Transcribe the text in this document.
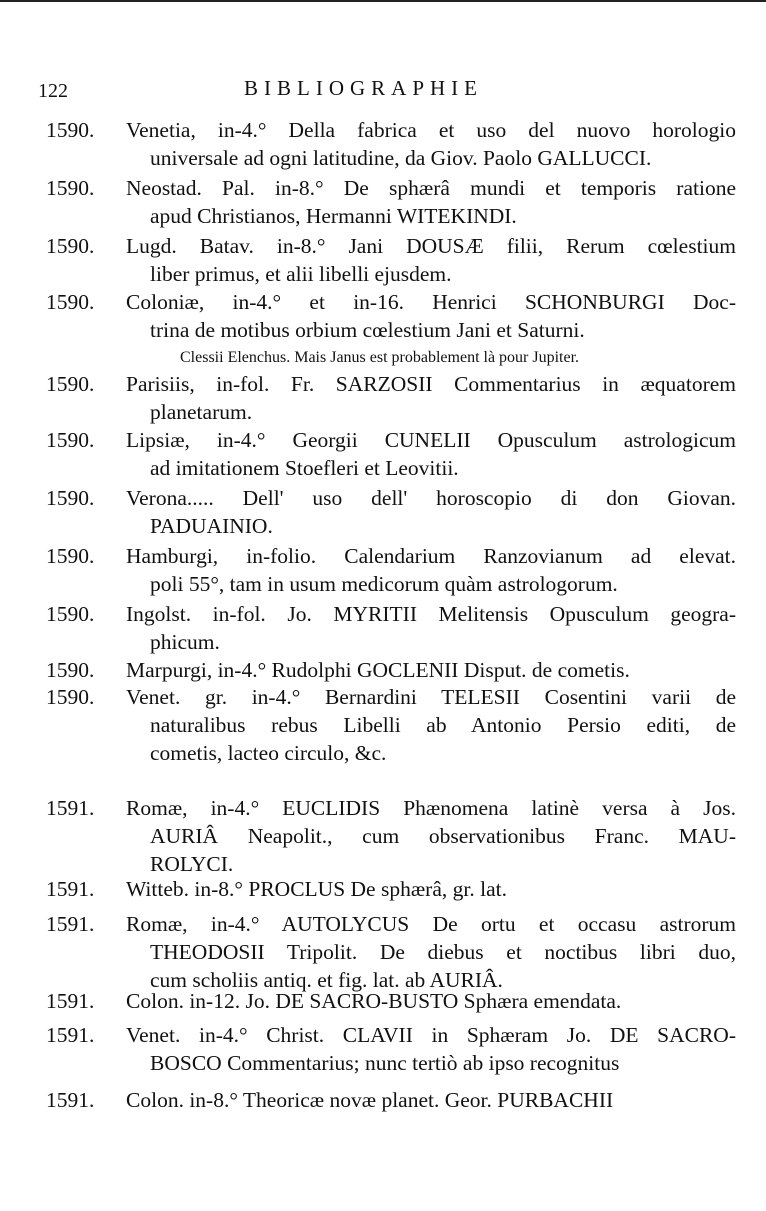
122	BIBLIOGRAPHIE
1590.	Venetia, in-4.° Della fabrica et uso del nuovo horologio
universale ad ogni latitudine, da Giov. Paolo GALLUCCI.
1590.	Neostad. Pal. in-8.° De sphærâ mundi et temporis ratione
apud Christianos, Hermanni WITEKINDI.
1590.	Lugd. Batav. in-8.° Jani DOUSÆ filii, Rerum cœlestium
liber primus, et alii libelli ejusdem.
1590.	Coloniæ, in-4.° et in-16. Henrici SCHONBURGI Doc-
trina de motibus orbium cœlestium Jani et Saturni.
Clessii Elenchus. Mais Janus est probablement là pour Jupiter.
1590.	Parisiis, in-fol. Fr. SARZOSII Commentarius in æquatorem
planetarum.
1590.	Lipsiæ, in-4.° Georgii CUNELII Opusculum astrologicum
ad imitationem Stoefleri et Leovitii.
1590.	Verona..... Dell' uso dell' horoscopio di don Giovan.
PADUAINIO.
1590.	Hamburgi, in-folio. Calendarium Ranzovianum ad elevat.
poli 55°, tam in usum medicorum quàm astrologorum.
1590.	Ingolst. in-fol. Jo. MYRITII Melitensis Opusculum geogra-
phicum.
1590.	Marpurgi, in-4.° Rudolphi GOCLENII Disput. de cometis.
1590.	Venet. gr. in-4.° Bernardini TELESII Cosentini varii de
naturalibus rebus Libelli ab Antonio Persio editi, de
cometis, lacteo circulo, &c.
1591.	Romæ, in-4.° EUCLIDIS Phænomena latinè versa à Jos.
AURIÂ Neapolit., cum observationibus Franc. MAU-
ROLYCI.
1591.	Witteb. in-8.° PROCLUS De sphærâ, gr. lat.
1591.	Romæ, in-4.° AUTOLYCUS De ortu et occasu astrorum
THEODOSII Tripolit. De diebus et noctibus libri duo,
cum scholiis antiq. et fig. lat. ab AURIÂ.
1591.	Colon. in-12. Jo. DE SACRO-BUSTO Sphæra emendata.
1591.	Venet. in-4.° Christ. CLAVII in Sphæram Jo. DE SACRO-
BOSCO Commentarius; nunc tertiò ab ipso recognitus
1591.	Colon. in-8.° Theoricæ novæ planet. Geor. PURBACHII
